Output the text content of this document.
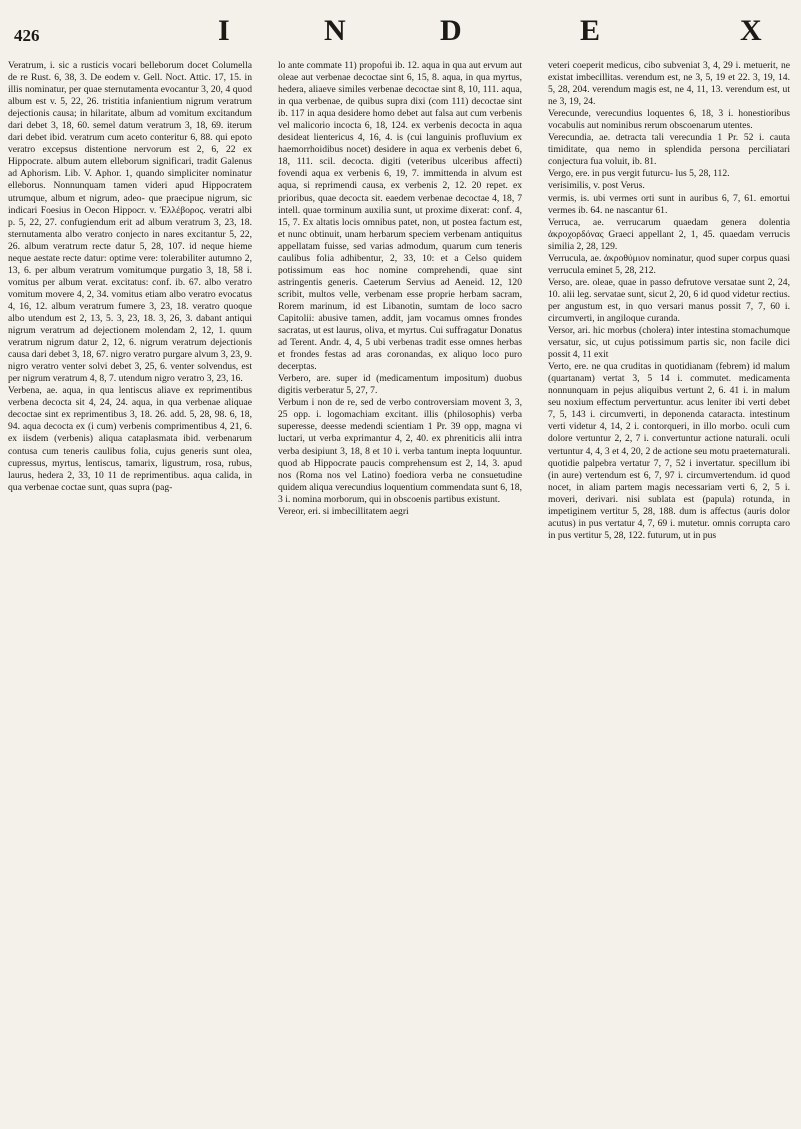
426	I	N	D	E	X

Veratrum, i. sic a rusticis vocari belleborum docet Columella de re Rust. 6, 38, 3. De eodem v. Gell. Noct. Attic. 17, 15. in illis nominatur, per quae sternutamenta evocantur 3, 20, 4 quod album est v. 5, 22, 26. tristitia infanientium nigrum veratrum dejectionis causa; in hilaritate, album ad vomitum excitandum dari debet 3, 18, 60. semel datum veratrum 3, 18, 69. iterum dari debet ibid. veratrum cum aceto conteritur 6, 88. qui epoto veratro excepsus distentione nervorum est 2, 6, 22 ex Hippocrate. album autem elleborum significari, tradit Galenus ad Aphorism. Lib. V. Aphor. 1, quando simpliciter nominatur elleborus. Nonnunquam tamen videri apud Hippocratem utrumque, album et nigrum, adeo- que praecipue nigrum, sic indicari Foesius in Oecon Hippocr. v. Ἑλλέβορος. veratri albi p. 5, 22, 27. confugiendum erit ad album veratrum 3, 23, 18. sternutamenta albo veratro conjecto in nares excitantur 5, 22, 26. album veratrum recte datur 5, 28, 107. id neque hieme neque aestate recte datur: optime vere: tolerabiliter autumno 2, 13, 6. per album veratrum vomitumque purgatio 3, 18, 58 i. vomitus per album verat. excitatus: conf. ib. 67. albo veratro vomitum movere 4, 2, 34. vomitus etiam albo veratro evocatus 4, 16, 12. album veratrum fumere 3, 23, 18. veratro quoque albo utendum est 2, 13, 5. 3, 23, 18. 3, 26, 3. dabant antiqui nigrum veratrum ad dejectionem molendam 2, 12, 1. quum veratrum nigrum datur 2, 12, 6. nigrum veratrum dejectionis causa dari debet 3, 18, 67. nigro veratro purgare alvum 3, 23, 9. nigro veratro venter solvi debet 3, 25, 6. venter solvendus, est per nigrum veratrum 4, 8, 7. utendum nigro veratro 3, 23, 16.

Verbena, ae. aqua, in qua lentiscus aliave ex reprimentibus verbena decocta sit 4, 24, 24. aqua, in qua verbenae aliquae decoctae sint ex reprimentibus 3, 18. 26. add. 5, 28, 98. 6, 18, 94. aqua decocta ex (i cum) verbenis comprimentibus 4, 21, 6. ex iisdem (verbenis) aliqua cataplasmata ibid. verbenarum contusa cum teneris caulibus folia, cujus generis sunt olea, cupressus, myrtus, lentiscus, tamarix, ligustrum, rosa, rubus, laurus, hedera 2, 33, 10 11 de reprimentibus. aqua calida, in qua verbenae coctae sunt, quas supra (pag-

lo ante commate 11) propofui ib. 12. aqua in qua aut ervum aut oleae aut verbenae decoctae sint 6, 15, 8. aqua, in qua myrtus, hedera, aliaeve similes verbenae decoctae sint 8, 10, 111. aqua, in qua verbenae, de quibus supra dixi (com 111) decoctae sint ib. 117 in aqua desidere homo debet aut falsa aut cum verbenis vel malicorio incocta 6, 18, 124. ex verbenis decocta in aqua desideat lientericus 4, 16, 4. is (cui languinis profluvium ex haemorrhoidibus nocet) desidere in aqua ex verbenis debet 6, 18, 111. scil. decocta. digiti (veteribus ulceribus affecti) fovendi aqua ex verbenis 6, 19, 7. immittenda in alvum est aqua, si reprimendi causa, ex verbenis 2, 12. 20 repet. ex prioribus, quae decocta sit. eaedem verbenae decoctae 4, 18, 7 intell. quae torminum auxilia sunt, ut proxime dixerat: conf. 4, 15, 7. Ex altatis locis omnibus patet, non, ut postea factum est, et nunc obtinuit, unam herbarum speciem verbenam antiquitus appellatam fuisse, sed varias admodum, quarum cum teneris caulibus folia adhibentur, 2, 33, 10: et a Celso quidem potissimum eas hoc nomine comprehendi, quae sint astringentis generis. Caeterum Servius ad Aeneid. 12, 120 scribit, multos velle, verbenam esse proprie herbam sacram, Rorem marinum, id est Libanotin, sumtam de loco sacro Capitolii: abusive tamen, addit, jam vocamus omnes frondes sacratas, ut est laurus, oliva, et myrtus. Cui suffragatur Donatus ad Terent. Andr. 4, 4, 5 ubi verbenas tradit esse omnes herbas et frondes festas ad aras coronandas, ex aliquo loco puro decerptas.

Verbero, are. super id (medicamentum impositum) duobus digitis verberatur 5, 27, 7.

Verbum i non de re, sed de verbo controversiam movent 3, 3, 25 opp. i. logomachiam excitant. illis (philosophis) verba superesse, deesse medendi scientiam 1 Pr. 39 opp, magna vi luctari, ut verba exprimantur 4, 2, 40. ex phreniticis alii intra verba desipiunt 3, 18, 8 et 10 i. verba tantum inepta loquuntur. quod ab Hippocrate paucis comprehensum est 2, 14, 3. apud nos (Roma nos vel Latino) foediora verba ne consuetudine quidem aliqua verecundius loquentium commendata sunt 6, 18, 3 i. nomina morborum, qui in obscoenis partibus existunt.

Vereor, eri. si imbecillitatem aegri

veteri coeperit medicus, cibo subveniat 3, 4, 29 i. metuerit, ne existat imbecillitas. verendum est, ne 3, 5, 19 et 22. 3, 19, 14. 5, 28, 204. verendum magis est, ne 4, 11, 13. verendum est, ut ne 3, 19, 24.

Verecunde, verecundius loquentes 6, 18, 3 i. honestioribus vocabulis aut nominibus rerum obscoenarum utentes.

Verecundia, ae. detracta tali verecundia 1 Pr. 52 i. cauta timiditate, qua nemo in splendida persona perciliatari conjectura fua voluit, ib. 81.

Vergo, ere. in pus vergit futurcu- lus 5, 28, 112.

verisimilis, v. post Verus.

vermis, is. ubi vermes orti sunt in auribus 6, 7, 61. emortui vermes ib. 64. ne nascantur 61.

Verruca, ae. verrucarum quaedam genera dolentia ἀκροχορδόνας Graeci appellant 2, 1, 45. quaedam verrucis similia 2, 28, 129.

Verrucula, ae. ἀκροθύμιον nominatur, quod super corpus quasi verrucula eminet 5, 28, 212.

Verso, are. oleae, quae in passo defrutove versatae sunt 2, 24, 10. alii leg. servatae sunt, sicut 2, 20, 6 id quod videtur rectius. per angustum est, in quo versari manus possit 7, 7, 60 i. circumverti, in angiloque curanda.

Versor, ari. hic morbus (cholera) inter intestina stomachumque versatur, sic, ut cujus potissimum partis sic, non facile dici possit 4, 11 exit

Verto, ere. ne qua cruditas in quotidianam (febrem) id malum (quartanam) vertat 3, 5 14 i. commutet. medicamenta nonnunquam in pejus aliquibus vertunt 2, 6. 41 i. in malum seu noxium effectum pervertuntur. acus leniter ibi verti debet 7, 5, 143 i. circumverti, in deponenda cataracta. intestinum verti videtur 4, 14, 2 i. contorqueri, in illo morbo. oculi cum dolore vertuntur 2, 2, 7 i. convertuntur actione naturali. oculi vertuntur 4, 4, 3 et 4, 20, 2 de actione seu motu praeternaturali. quotidie palpebra vertatur 7, 7, 52 i invertatur. specillum ibi (in aure) vertendum est 6, 7, 97 i. circumvertendum. id quod nocet, in aliam partem magis necessariam verti 6, 2, 5 i. moveri, derivari. nisi sublata est (papula) rotunda, in impetiginem vertitur 5, 28, 188. dum is affectus (auris dolor acutus) in pus vertatur 4, 7, 69 i. mutetur. omnis corrupta caro in pus vertitur 5, 28, 122. futurum, ut in pus
